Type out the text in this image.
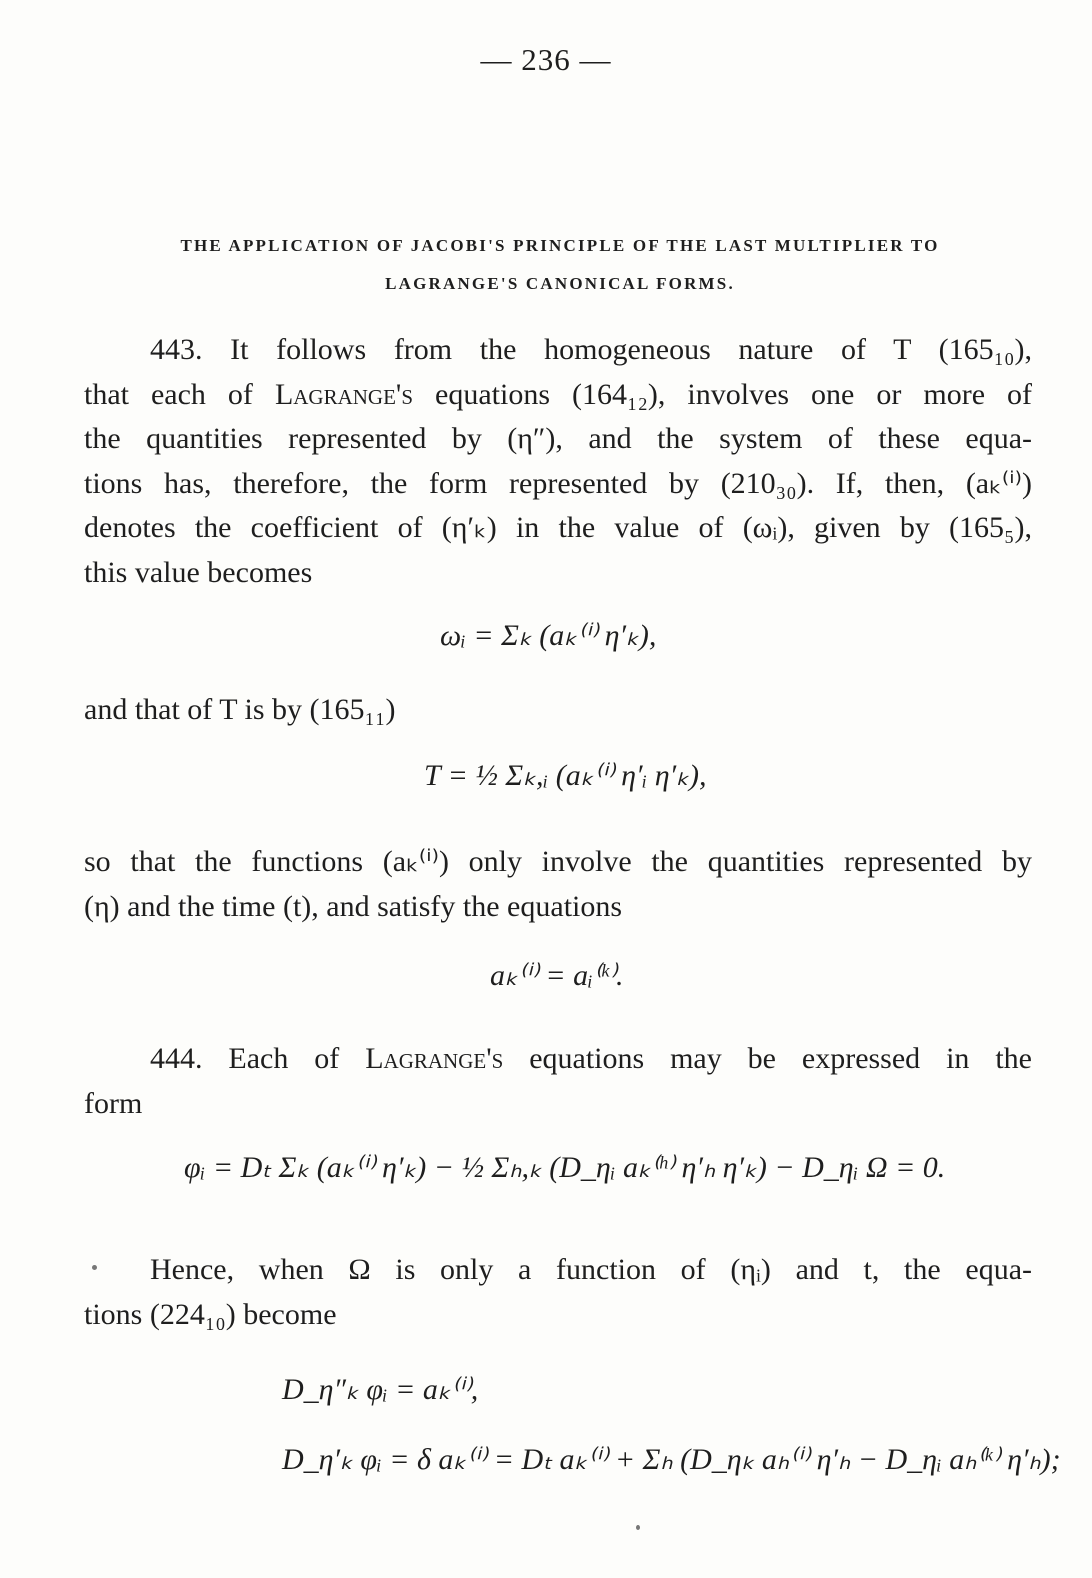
— 236 —
THE APPLICATION OF JACOBI'S PRINCIPLE OF THE LAST MULTIPLIER TO
LAGRANGE'S CANONICAL FORMS.
443. It follows from the homogeneous nature of T (165₁₀),
that each of Lagrange's equations (164₁₂), involves one or more of
the quantities represented by (η″), and the system of these equa-
tions has, therefore, the form represented by (210₃₀). If, then, (aₖ⁽ⁱ⁾)
denotes the coefficient of (η′ₖ) in the value of (ωᵢ), given by (165₅),
this value becomes
ωᵢ = Σₖ (aₖ⁽ⁱ⁾ η′ₖ),
and that of T is by (165₁₁)
T = ½ Σₖ,ᵢ (aₖ⁽ⁱ⁾ η′ᵢ η′ₖ),
so that the functions (aₖ⁽ⁱ⁾) only involve the quantities represented by
(η) and the time (t), and satisfy the equations
aₖ⁽ⁱ⁾ = aᵢ⁽ᵏ⁾.
444. Each of Lagrange's equations may be expressed in the
form
φᵢ = Dₜ Σₖ (aₖ⁽ⁱ⁾ η′ₖ) − ½ Σₕ,ₖ (D_ηᵢ aₖ⁽ʰ⁾ η′ₕ η′ₖ) − D_ηᵢ Ω = 0.
Hence, when Ω is only a function of (ηᵢ) and t, the equa-
tions (224₁₀) become
D_η″ₖ φᵢ = aₖ⁽ⁱ⁾,
D_η′ₖ φᵢ = δ aₖ⁽ⁱ⁾ = Dₜ aₖ⁽ⁱ⁾ + Σₕ (D_ηₖ aₕ⁽ⁱ⁾ η′ₕ − D_ηᵢ aₕ⁽ᵏ⁾ η′ₕ);
